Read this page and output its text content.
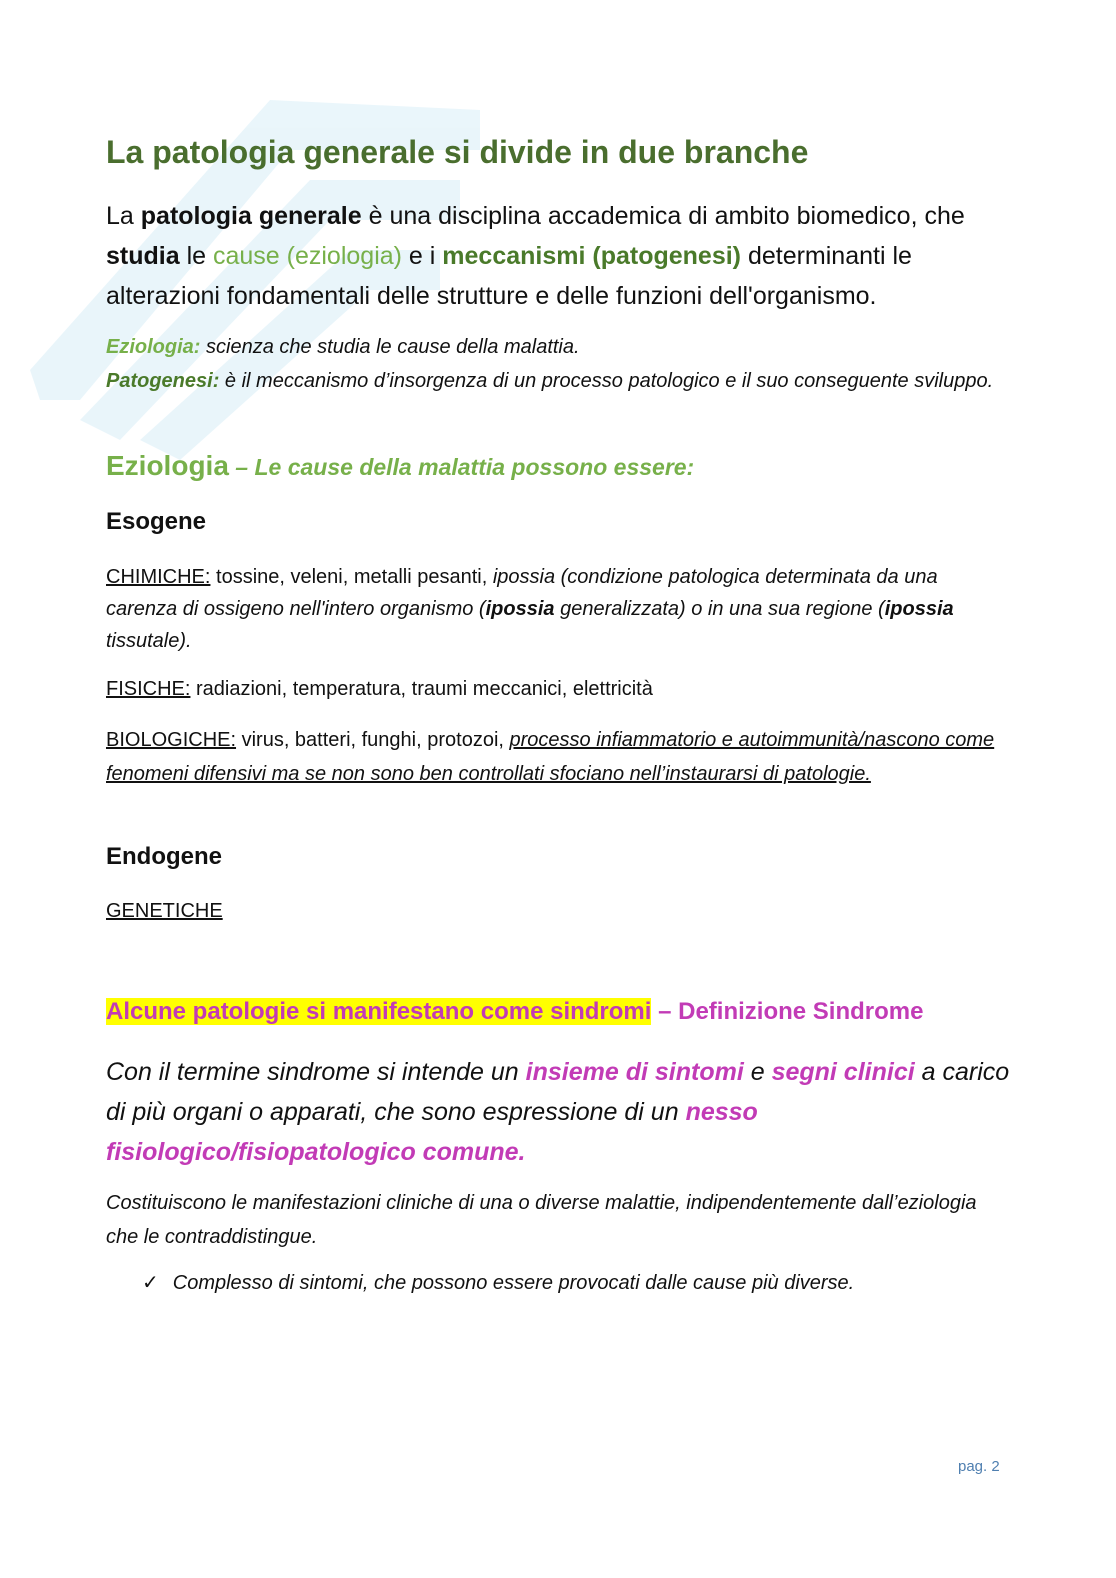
La patologia generale si divide in due branche
La patologia generale è una disciplina accademica di ambito biomedico, che studia le cause (eziologia) e i meccanismi (patogenesi) determinanti le alterazioni fondamentali delle strutture e delle funzioni dell'organismo.
Eziologia: scienza che studia le cause della malattia.
Patogenesi: è il meccanismo d’insorgenza di un processo patologico e il suo conseguente sviluppo.
Eziologia – Le cause della malattia possono essere:
Esogene
CHIMICHE: tossine, veleni, metalli pesanti, ipossia (condizione patologica determinata da una carenza di ossigeno nell'intero organismo (ipossia generalizzata) o in una sua regione (ipossia tissutale).
FISICHE: radiazioni, temperatura, traumi meccanici, elettricità
BIOLOGICHE: virus, batteri, funghi, protozoi, processo infiammatorio e autoimmunità/nascono come fenomeni difensivi ma se non sono ben controllati sfociano nell’instaurarsi di patologie.
Endogene
GENETICHE
Alcune patologie si manifestano come sindromi – Definizione Sindrome
Con il termine sindrome si intende un insieme di sintomi e segni clinici a carico di più organi o apparati, che sono espressione di un nesso fisiologico/fisiopatologico comune.
Costituiscono le manifestazioni cliniche di una o diverse malattie, indipendentemente dall’eziologia che le contraddistingue.
✓ Complesso di sintomi, che possono essere provocati dalle cause più diverse.
pag. 2
